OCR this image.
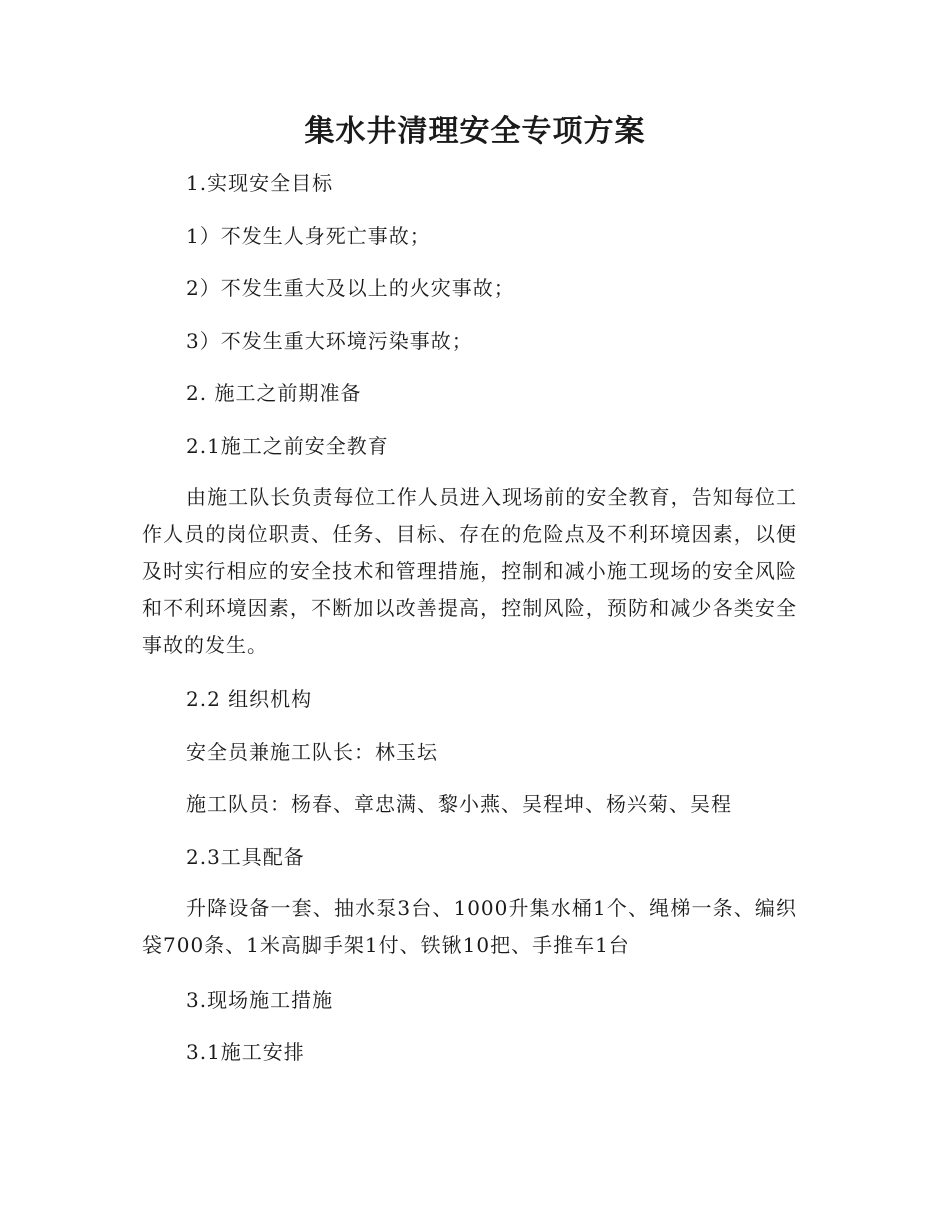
集水井清理安全专项方案

1.实现安全目标

1）不发生人身死亡事故；

2）不发生重大及以上的火灾事故；

3）不发生重大环境污染事故；

2. 施工之前期准备

2.1施工之前安全教育

由施工队长负责每位工作人员进入现场前的安全教育，告知每位工作人员的岗位职责、任务、目标、存在的危险点及不利环境因素，以便及时实行相应的安全技术和管理措施，控制和减小施工现场的安全风险和不利环境因素，不断加以改善提高，控制风险，预防和减少各类安全事故的发生。

2.2 组织机构

安全员兼施工队长：林玉坛

施工队员：杨春、章忠满、黎小燕、吴程坤、杨兴菊、吴程

2.3工具配备

升降设备一套、抽水泵3台、1000升集水桶1个、绳梯一条、编织袋700条、1米高脚手架1付、铁锹10把、手推车1台

3.现场施工措施

3.1施工安排
